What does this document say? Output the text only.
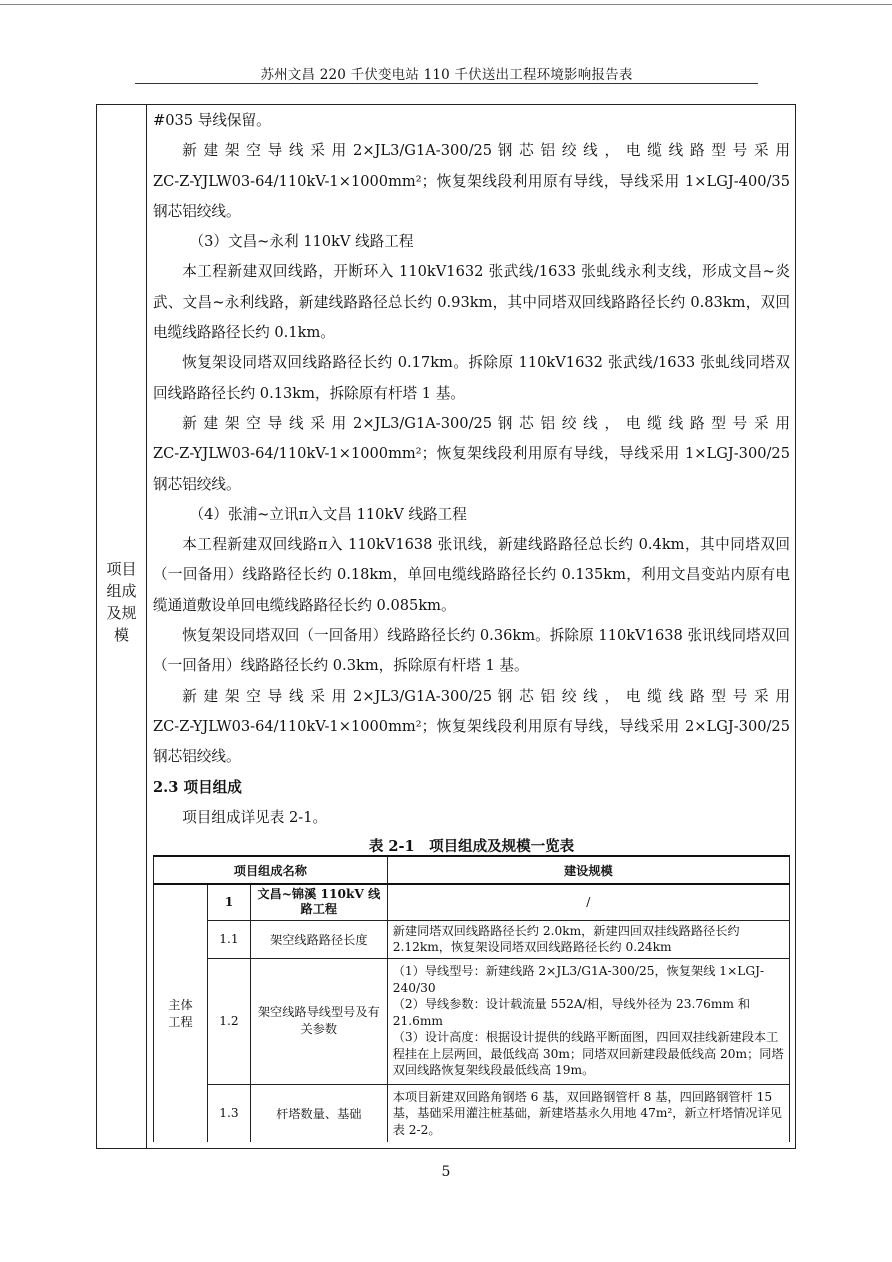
苏州文昌 220 千伏变电站 110 千伏送出工程环境影响报告表
项目
组成
及规
模

#035 导线保留。

新 建 架 空 导 线 采 用 2×JL3/G1A-300/25 钢 芯 铝 绞 线 ， 电 缆 线 路 型 号 采 用

ZC-Z-YJLW03-64/110kV-1×1000mm²；恢复架线段利用原有导线，导线采用 1×LGJ-400/35 钢芯铝绞线。

（3）文昌~永利 110kV 线路工程

本工程新建双回线路，开断环入 110kV1632 张武线/1633 张虬线永利支线，形成文昌~炎武、文昌~永利线路，新建线路路径总长约 0.93km，其中同塔双回线路路径长约 0.83km，双回电缆线路路径长约 0.1km。

恢复架设同塔双回线路路径长约 0.17km。拆除原 110kV1632 张武线/1633 张虬线同塔双回线路路径长约 0.13km，拆除原有杆塔 1 基。

新 建 架 空 导 线 采 用 2×JL3/G1A-300/25 钢 芯 铝 绞 线 ， 电 缆 线 路 型 号 采 用

ZC-Z-YJLW03-64/110kV-1×1000mm²；恢复架线段利用原有导线，导线采用 1×LGJ-300/25 钢芯铝绞线。

（4）张浦~立讯π入文昌 110kV 线路工程

本工程新建双回线路π入 110kV1638 张讯线，新建线路路径总长约 0.4km，其中同塔双回（一回备用）线路路径长约 0.18km，单回电缆线路路径长约 0.135km，利用文昌变站内原有电缆通道敷设单回电缆线路路径长约 0.085km。

恢复架设同塔双回（一回备用）线路路径长约 0.36km。拆除原 110kV1638 张讯线同塔双回（一回备用）线路路径长约 0.3km，拆除原有杆塔 1 基。

新 建 架 空 导 线 采 用 2×JL3/G1A-300/25 钢 芯 铝 绞 线 ， 电 缆 线 路 型 号 采 用

ZC-Z-YJLW03-64/110kV-1×1000mm²；恢复架线段利用原有导线，导线采用 2×LGJ-300/25 钢芯铝绞线。

2.3 项目组成

项目组成详见表 2-1。

表 2-1　项目组成及规模一览表
项目组成名称			建设规模
主体工程	1	文昌~锦溪 110kV 线路工程	/
	1.1	架空线路路径长度	新建同塔双回线路路径长约 2.0km，新建四回双挂线路路径长约 2.12km，恢复架设同塔双回线路路径长约 0.24km
	1.2	架空线路导线型号及有关参数	（1）导线型号：新建线路 2×JL3/G1A-300/25，恢复架线 1×LGJ-240/30
（2）导线参数：设计载流量 552A/相，导线外径为 23.76mm 和 21.6mm
（3）设计高度：根据设计提供的线路平断面图，四回双挂线新建段本工程挂在上层两回，最低线高 30m；同塔双回新建段最低线高 20m；同塔双回线路恢复架线段最低线高 19m。

	1.3	杆塔数量、基础	本项目新建双回路角钢塔 6 基，双回路钢管杆 8 基，四回路钢管杆 15 基，基础采用灌注桩基础，新建塔基永久用地 47m²，新立杆塔情况详见表 2-2。
5
